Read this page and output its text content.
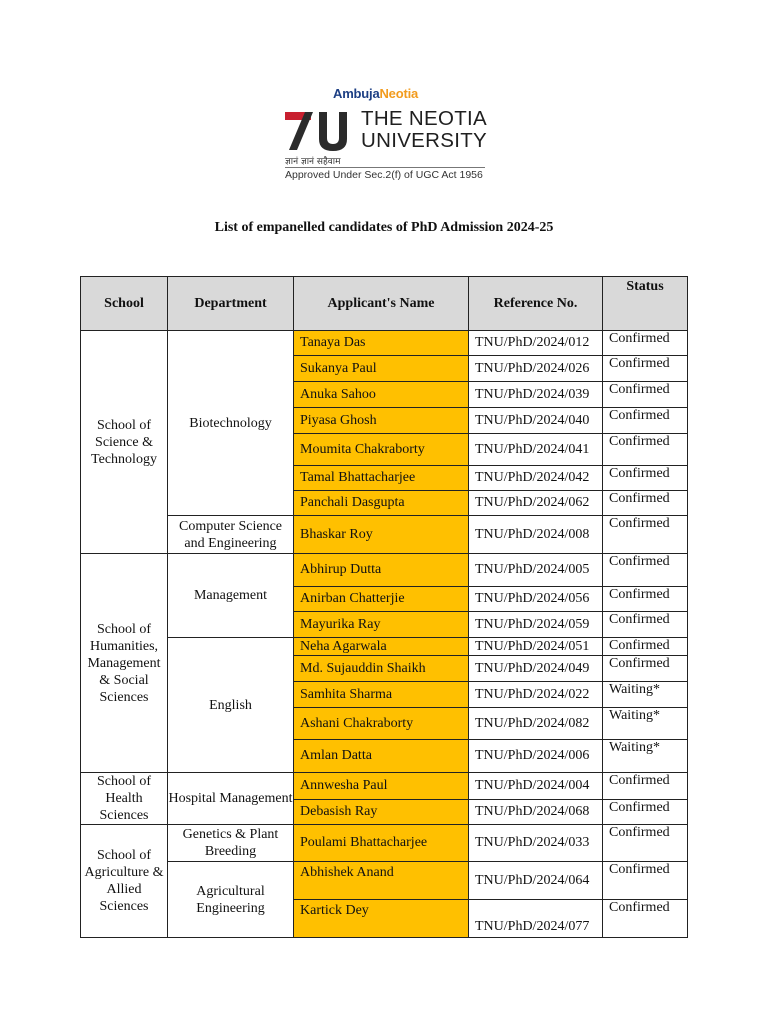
AmbujaNeotia
THE NEOTIA
UNIVERSITY
ज्ञानं ज्ञानं सहैवाम
Approved Under Sec.2(f) of UGC Act 1956
List of empanelled candidates of PhD Admission 2024-25
School	Department	Applicant's Name	Reference No.	Status
School of Science & Technology	Biotechnology	Tanaya Das	TNU/PhD/2024/012	Confirmed
		Sukanya Paul	TNU/PhD/2024/026	Confirmed
		Anuka Sahoo	TNU/PhD/2024/039	Confirmed
		Piyasa Ghosh	TNU/PhD/2024/040	Confirmed
		Moumita Chakraborty	TNU/PhD/2024/041	Confirmed
		Tamal Bhattacharjee	TNU/PhD/2024/042	Confirmed
		Panchali Dasgupta	TNU/PhD/2024/062	Confirmed
	Computer Science and Engineering	Bhaskar Roy	TNU/PhD/2024/008	Confirmed
School of Humanities, Management & Social Sciences	Management	Abhirup Dutta	TNU/PhD/2024/005	Confirmed
		Anirban Chatterjie	TNU/PhD/2024/056	Confirmed
		Mayurika Ray	TNU/PhD/2024/059	Confirmed
	English	Neha Agarwala	TNU/PhD/2024/051	Confirmed
		Md. Sujauddin Shaikh	TNU/PhD/2024/049	Confirmed
		Samhita Sharma	TNU/PhD/2024/022	Waiting*
		Ashani Chakraborty	TNU/PhD/2024/082	Waiting*
		Amlan Datta	TNU/PhD/2024/006	Waiting*
School of Health Sciences	Hospital Management	Annwesha Paul	TNU/PhD/2024/004	Confirmed
		Debasish Ray	TNU/PhD/2024/068	Confirmed
School of Agriculture & Allied Sciences	Genetics & Plant Breeding	Poulami Bhattacharjee	TNU/PhD/2024/033	Confirmed
	Agricultural Engineering	Abhishek Anand	TNU/PhD/2024/064	Confirmed
		Kartick Dey	TNU/PhD/2024/077	Confirmed
